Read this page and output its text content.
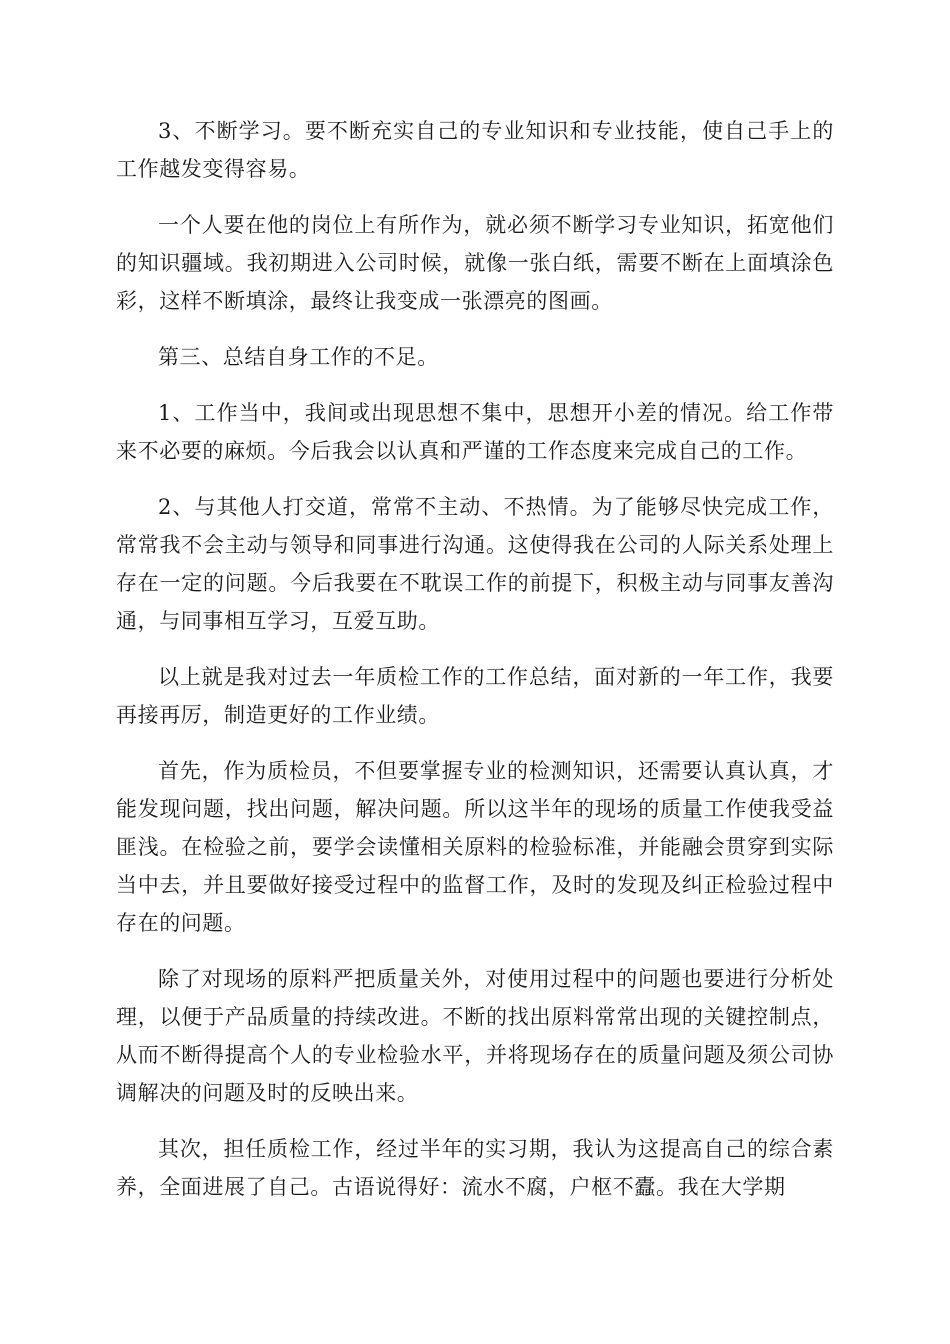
3、不断学习。要不断充实自己的专业知识和专业技能，使自己手上的工作越发变得容易。

一个人要在他的岗位上有所作为，就必须不断学习专业知识，拓宽他们的知识疆域。我初期进入公司时候，就像一张白纸，需要不断在上面填涂色彩，这样不断填涂，最终让我变成一张漂亮的图画。

第三、总结自身工作的不足。

1、工作当中，我间或出现思想不集中，思想开小差的情况。给工作带来不必要的麻烦。今后我会以认真和严谨的工作态度来完成自己的工作。

2、与其他人打交道，常常不主动、不热情。为了能够尽快完成工作，常常我不会主动与领导和同事进行沟通。这使得我在公司的人际关系处理上存在一定的问题。今后我要在不耽误工作的前提下，积极主动与同事友善沟通，与同事相互学习，互爱互助。

以上就是我对过去一年质检工作的工作总结，面对新的一年工作，我要再接再厉，制造更好的工作业绩。

首先，作为质检员，不但要掌握专业的检测知识，还需要认真认真，才能发现问题，找出问题，解决问题。所以这半年的现场的质量工作使我受益匪浅。在检验之前，要学会读懂相关原料的检验标准，并能融会贯穿到实际当中去，并且要做好接受过程中的监督工作，及时的发现及纠正检验过程中存在的问题。

除了对现场的原料严把质量关外，对使用过程中的问题也要进行分析处理，以便于产品质量的持续改进。不断的找出原料常常出现的关键控制点，从而不断得提高个人的专业检验水平，并将现场存在的质量问题及须公司协调解决的问题及时的反映出来。

其次，担任质检工作，经过半年的实习期，我认为这提高自己的综合素养，全面进展了自己。古语说得好：流水不腐，户枢不蠹。我在大学期
